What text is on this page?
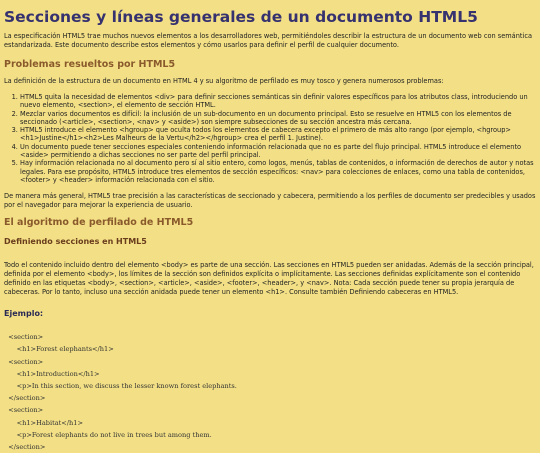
Secciones y líneas generales de un documento HTML5

La especificación HTML5 trae muchos nuevos elementos a los desarrolladores web, permitiéndoles describir la estructura de un documento web con semántica estandarizada. Este documento describe estos elementos y cómo usarlos para definir el perfil de cualquier documento.

Problemas resueltos por HTML5

La definición de la estructura de un documento en HTML 4 y su algoritmo de perfilado es muy tosco y genera numerosos problemas:

1. HTML5 quita la necesidad de elementos <div> para definir secciones semánticas sin definir valores específicos para los atributos class, introduciendo un nuevo elemento, <section>, el elemento de sección HTML.
2. Mezclar varios documentos es difícil: la inclusión de un sub-documento en un documento principal. Esto se resuelve en HTML5 con los elementos de seccionado (<article>, <section>, <nav> y <aside>) son siempre subsecciones de su sección ancestra más cercana.
3. HTML5 introduce el elemento <hgroup> que oculta todos los elementos de cabecera excepto el primero de más alto rango (por ejemplo, <hgroup><h1>Justine</h1><h2>Les Malheurs de la Vertu</h2></hgroup> crea el perfil 1. Justine).
4. Un documento puede tener secciones especiales conteniendo información relacionada que no es parte del flujo principal. HTML5 introduce el elemento <aside> permitiendo a dichas secciones no ser parte del perfil principal.
5. Hay información relacionada no al documento pero sí al sitio entero, como logos, menús, tablas de contenidos, o información de derechos de autor y notas legales. Para ese propósito, HTML5 introduce tres elementos de sección específicos: <nav> para colecciones de enlaces, como una tabla de contenidos, <footer> y <header> información relacionada con el sitio.

De manera más general, HTML5 trae precisión a las características de seccionado y cabecera, permitiendo a los perfiles de documento ser predecibles y usados por el navegador para mejorar la experiencia de usuario.

El algoritmo de perfilado de HTML5
Definiendo secciones en HTML5

Todo el contenido incluido dentro del elemento <body> es parte de una sección. Las secciones en HTML5 pueden ser anidadas. Además de la sección principal, definida por el elemento <body>, los límites de la sección son definidos explícita o implícitamente. Las secciones definidas explícitamente son el contenido definido en las etiquetas <body>, <section>, <article>, <aside>, <footer>, <header>, y <nav>. Nota: Cada sección puede tener su propia jerarquía de cabeceras. Por lo tanto, incluso una sección anidada puede tener un elemento <h1>. Consulte también Definiendo cabeceras en HTML5.

Ejemplo:
<section>
<h1>Forest elephants</h1>
<section>
<h1>Introduction</h1>
<p>In this section, we discuss the lesser known forest elephants.
</section>
<section>
<h1>Habitat</h1>
<p>Forest elephants do not live in trees but among them.
</section>
